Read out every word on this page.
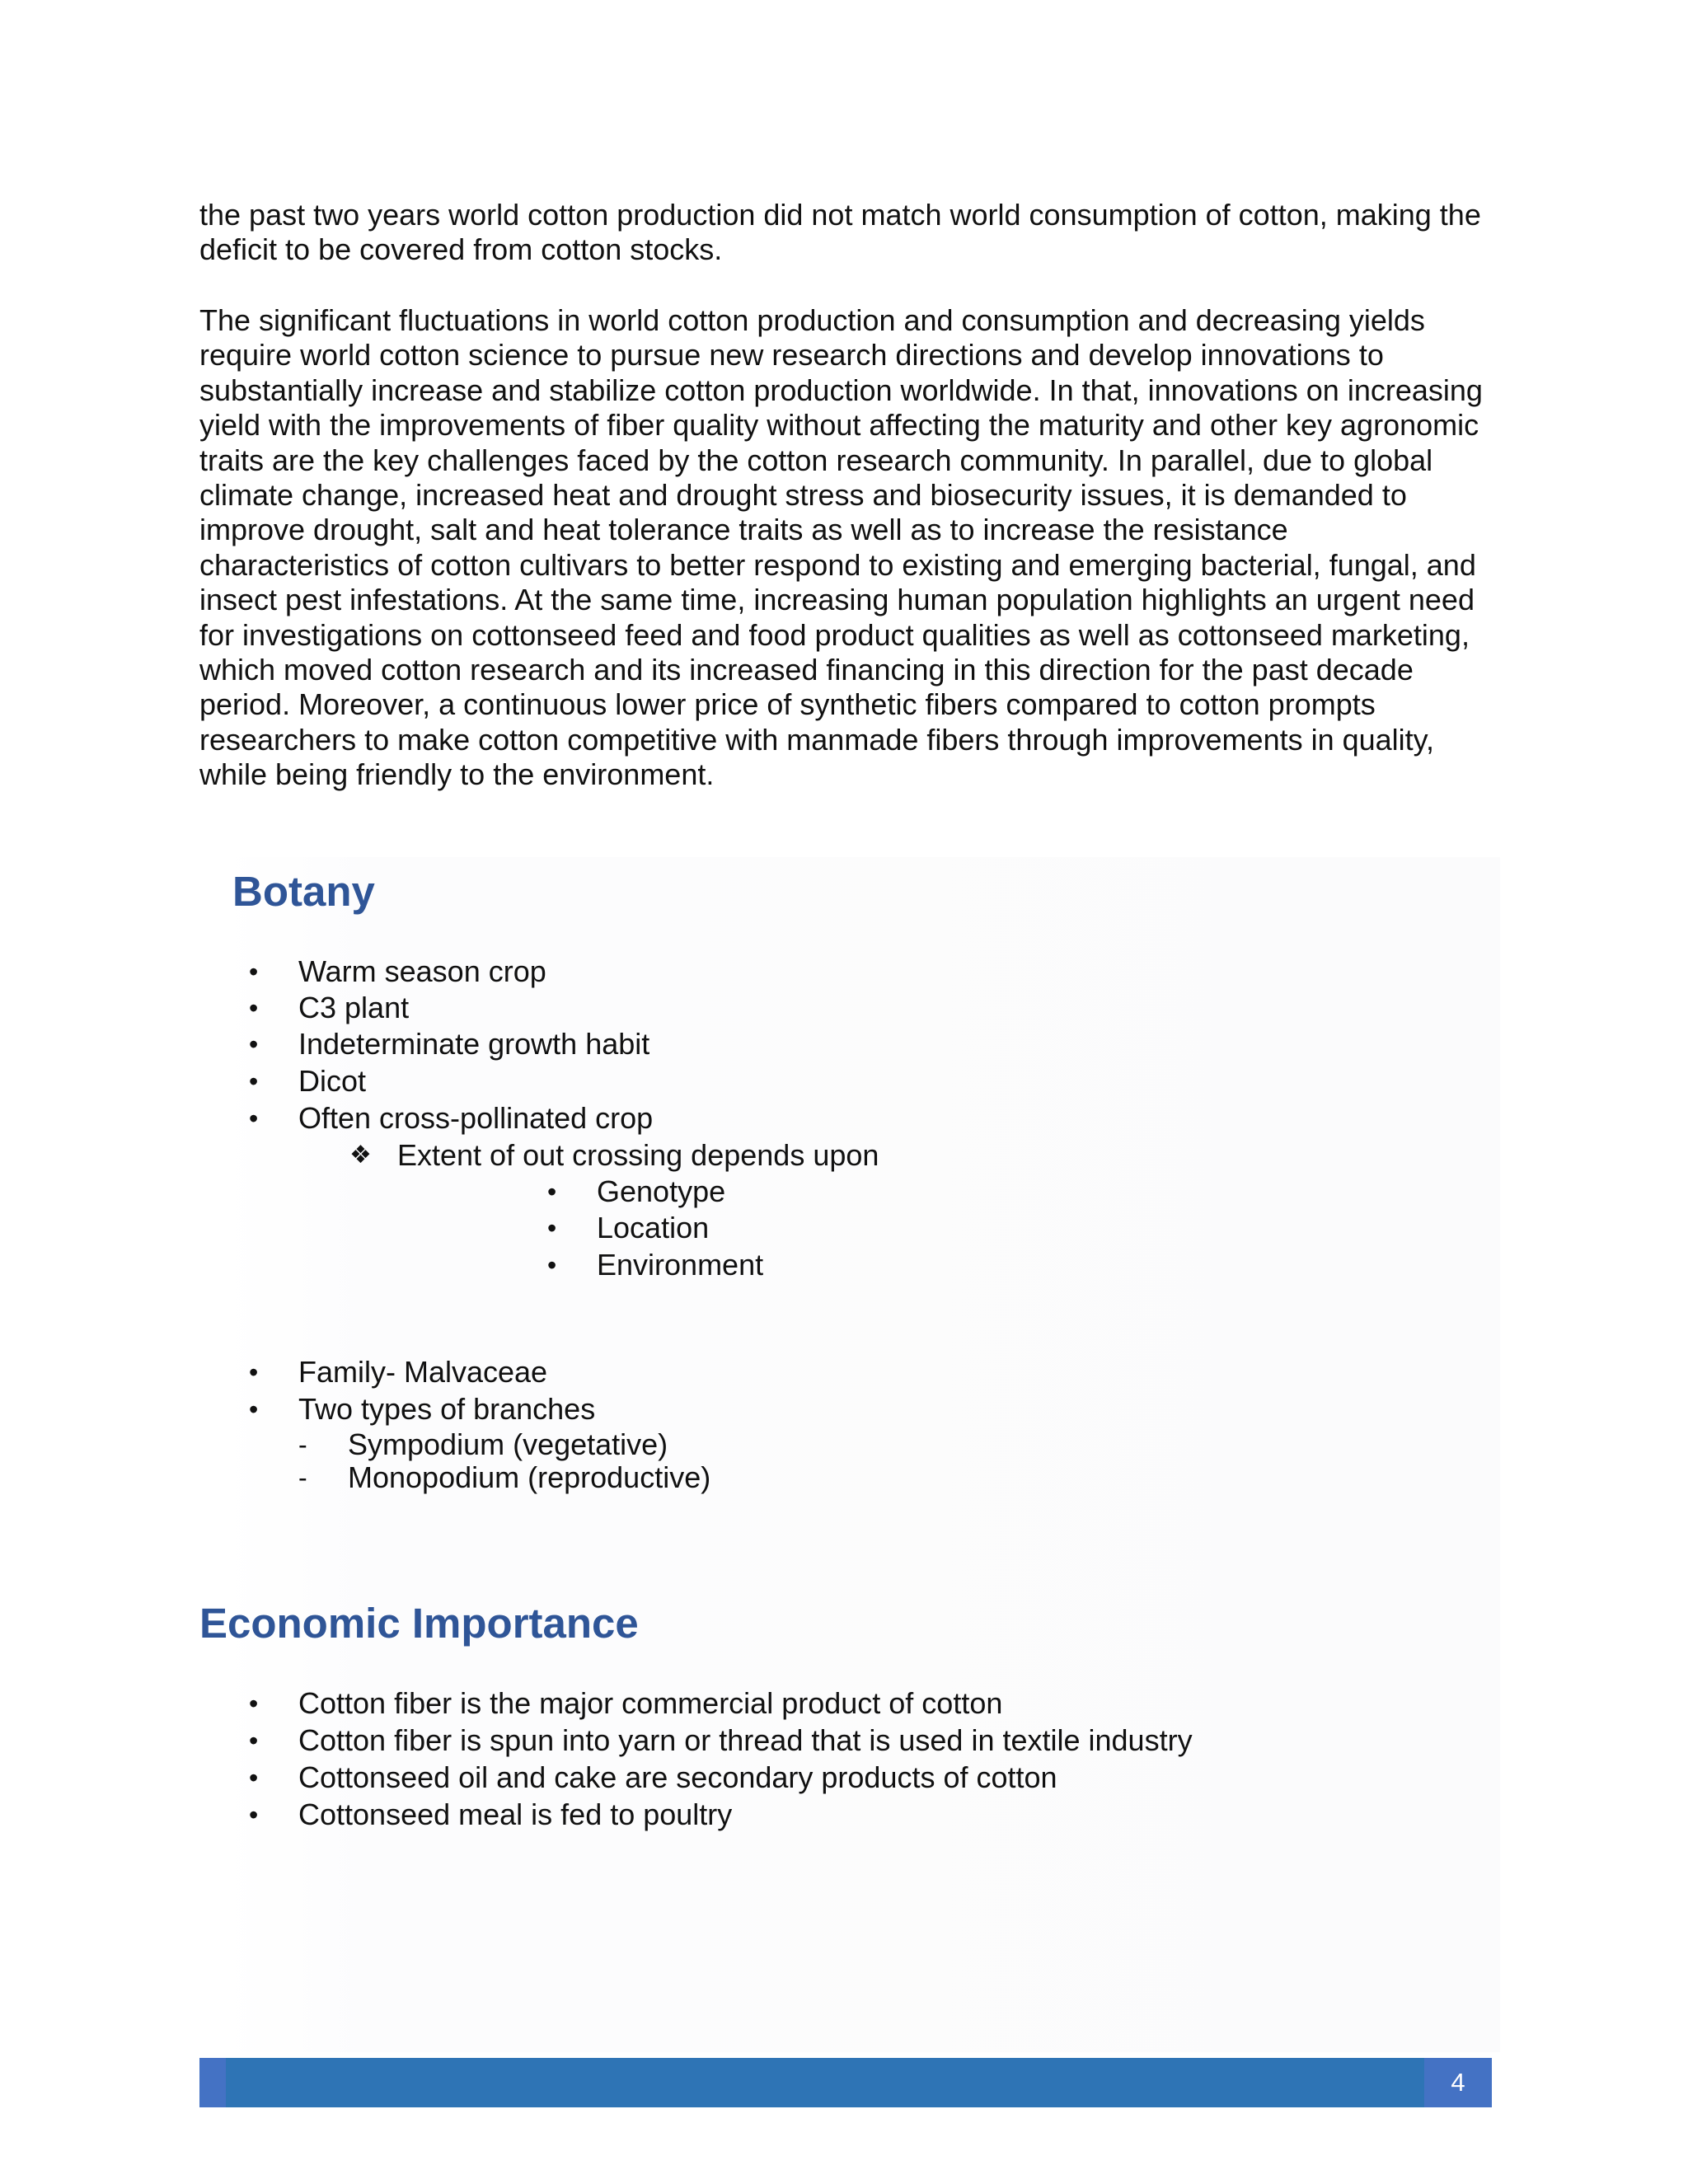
the past two years world cotton production did not match world consumption of cotton, making the deficit to be covered from cotton stocks.

The significant fluctuations in world cotton production and consumption and decreasing yields require world cotton science to pursue new research directions and develop innovations to substantially increase and stabilize cotton production worldwide. In that, innovations on increasing yield with the improvements of fiber quality without affecting the maturity and other key agronomic traits are the key challenges faced by the cotton research community. In parallel, due to global climate change, increased heat and drought stress and biosecurity issues, it is demanded to improve drought, salt and heat tolerance traits as well as to increase the resistance characteristics of cotton cultivars to better respond to existing and emerging bacterial, fungal, and insect pest infestations. At the same time, increasing human population highlights an urgent need for investigations on cottonseed feed and food product qualities as well as cottonseed marketing, which moved cotton research and its increased financing in this direction for the past decade period. Moreover, a continuous lower price of synthetic fibers compared to cotton prompts researchers to make cotton competitive with manmade fibers through improvements in quality, while being friendly to the environment.

Botany
• Warm season crop
• C3 plant
• Indeterminate growth habit
• Dicot
• Often cross-pollinated crop
❖ Extent of out crossing depends upon
• Genotype
• Location
• Environment
• Family- Malvaceae
• Two types of branches
- Sympodium (vegetative)
- Monopodium (reproductive)
Economic Importance
• Cotton fiber is the major commercial product of cotton
• Cotton fiber is spun into yarn or thread that is used in textile industry
• Cottonseed oil and cake are secondary products of cotton
• Cottonseed meal is fed to poultry
4
